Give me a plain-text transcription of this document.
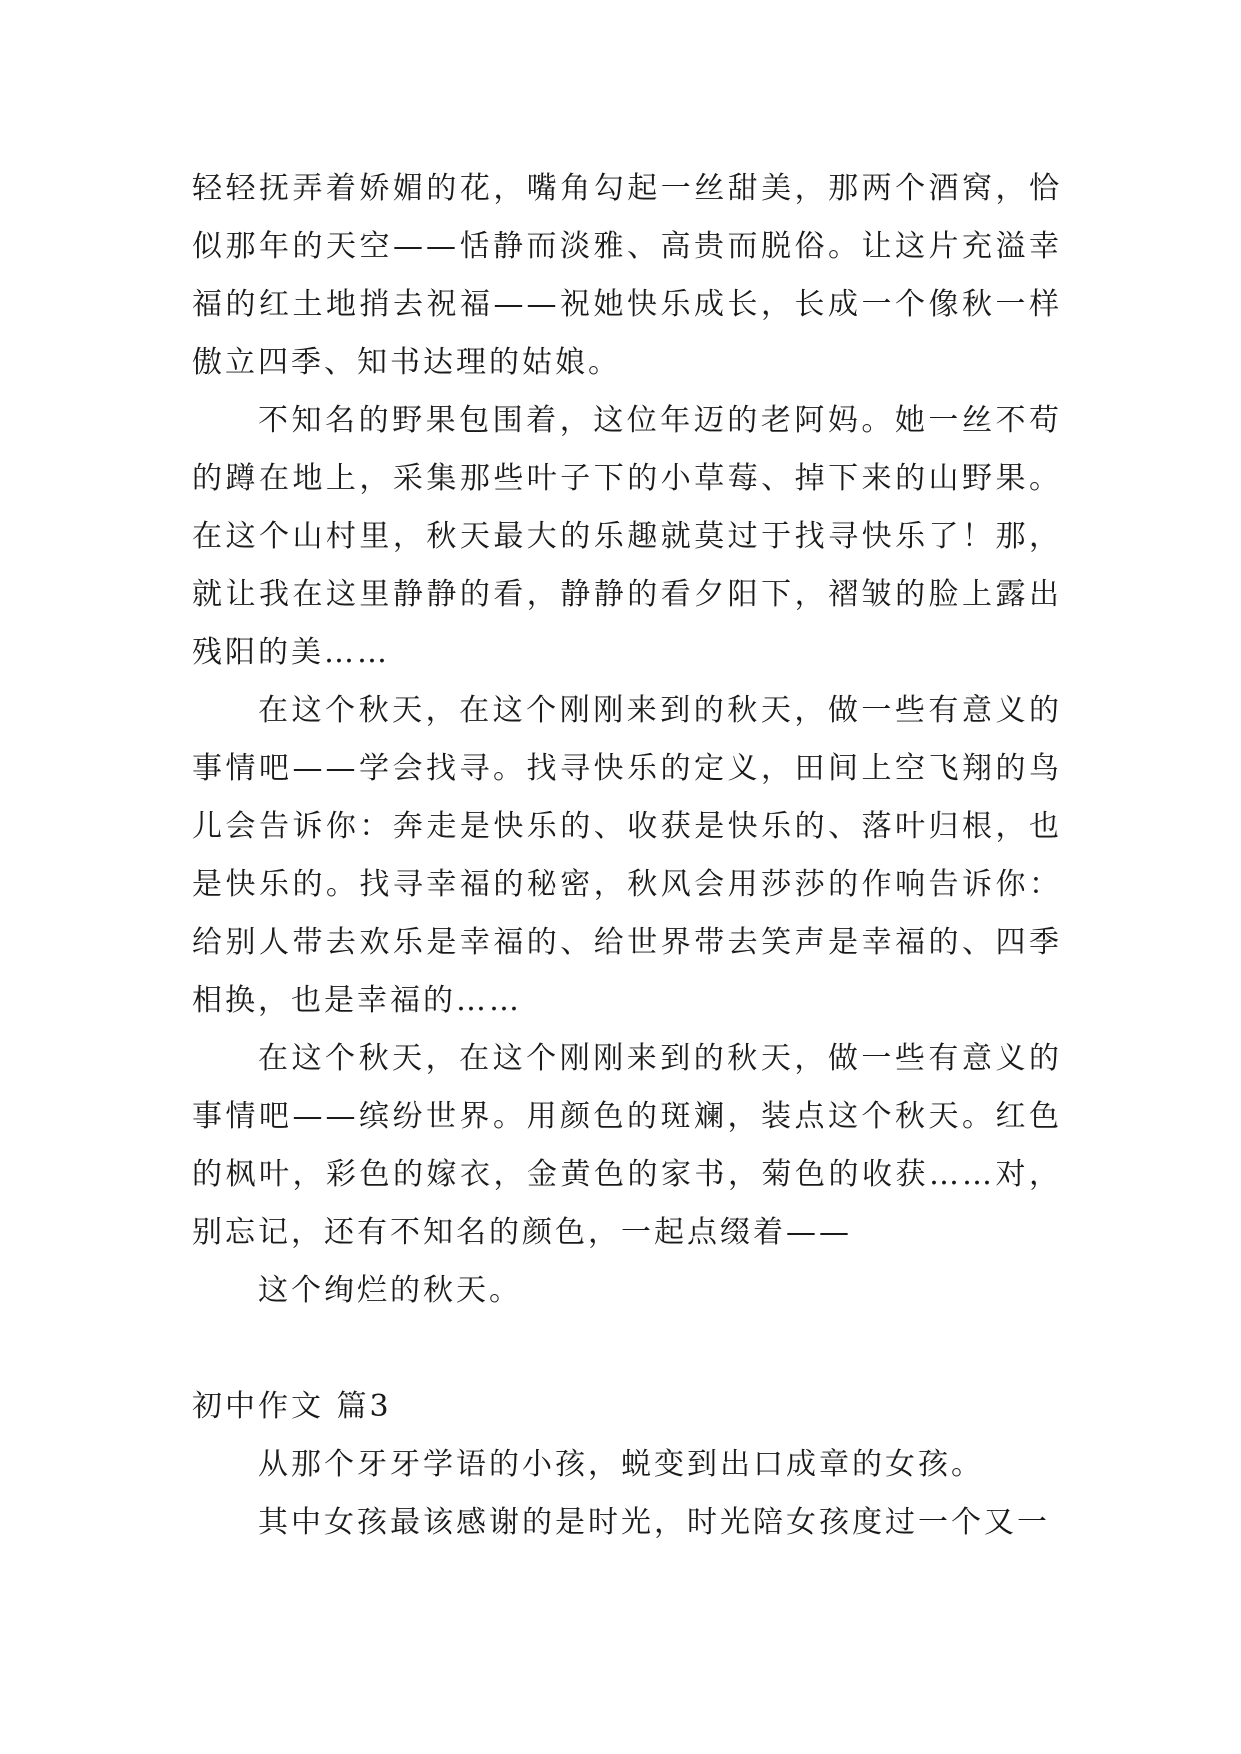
轻轻抚弄着娇媚的花，嘴角勾起一丝甜美，那两个酒窝，恰似那年的天空——恬静而淡雅、高贵而脱俗。让这片充溢幸福的红土地捎去祝福——祝她快乐成长，长成一个像秋一样傲立四季、知书达理的姑娘。

不知名的野果包围着，这位年迈的老阿妈。她一丝不苟的蹲在地上，采集那些叶子下的小草莓、掉下来的山野果。在这个山村里，秋天最大的乐趣就莫过于找寻快乐了！那，就让我在这里静静的看，静静的看夕阳下，褶皱的脸上露出残阳的美……

在这个秋天，在这个刚刚来到的秋天，做一些有意义的事情吧——学会找寻。找寻快乐的定义，田间上空飞翔的鸟儿会告诉你：奔走是快乐的、收获是快乐的、落叶归根，也是快乐的。找寻幸福的秘密，秋风会用莎莎的作响告诉你：给别人带去欢乐是幸福的、给世界带去笑声是幸福的、四季相换，也是幸福的……

在这个秋天，在这个刚刚来到的秋天，做一些有意义的事情吧——缤纷世界。用颜色的斑斓，装点这个秋天。红色的枫叶，彩色的嫁衣，金黄色的家书，菊色的收获……对，别忘记，还有不知名的颜色，一起点缀着——

这个绚烂的秋天。

初中作文 篇3

从那个牙牙学语的小孩，蜕变到出口成章的女孩。

其中女孩最该感谢的是时光，时光陪女孩度过一个又一
